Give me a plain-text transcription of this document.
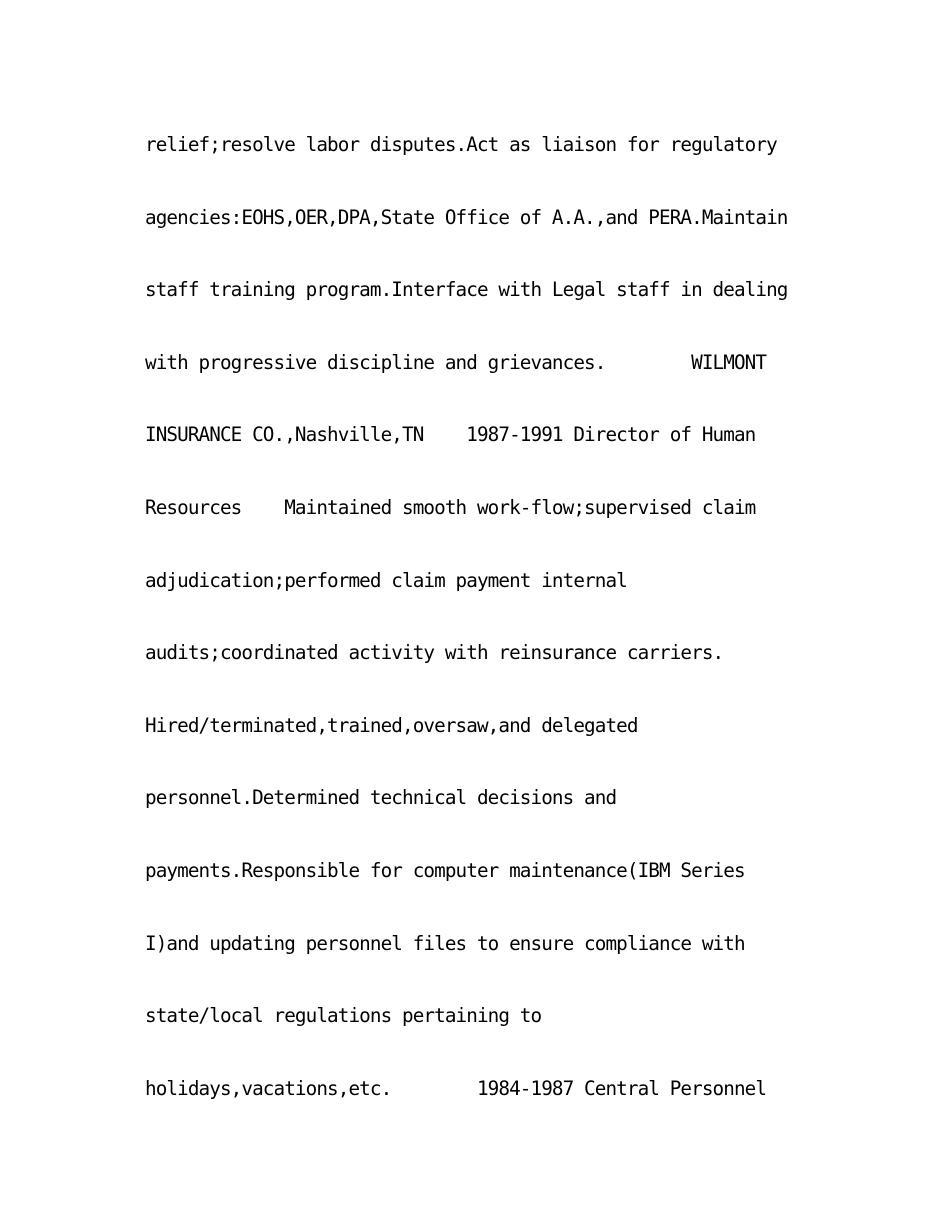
relief;resolve labor disputes.Act as liaison for regulatory
agencies:EOHS,OER,DPA,State Office of A.A.,and PERA.Maintain
staff training program.Interface with Legal staff in dealing
with progressive discipline and grievances.        WILMONT
INSURANCE CO.,Nashville,TN    1987-1991 Director of Human
Resources    Maintained smooth work-flow;supervised claim
adjudication;performed claim payment internal
audits;coordinated activity with reinsurance carriers.
Hired/terminated,trained,oversaw,and delegated
personnel.Determined technical decisions and
payments.Responsible for computer maintenance(IBM Series
I)and updating personnel files to ensure compliance with
state/local regulations pertaining to
holidays,vacations,etc.        1984-1987 Central Personnel
